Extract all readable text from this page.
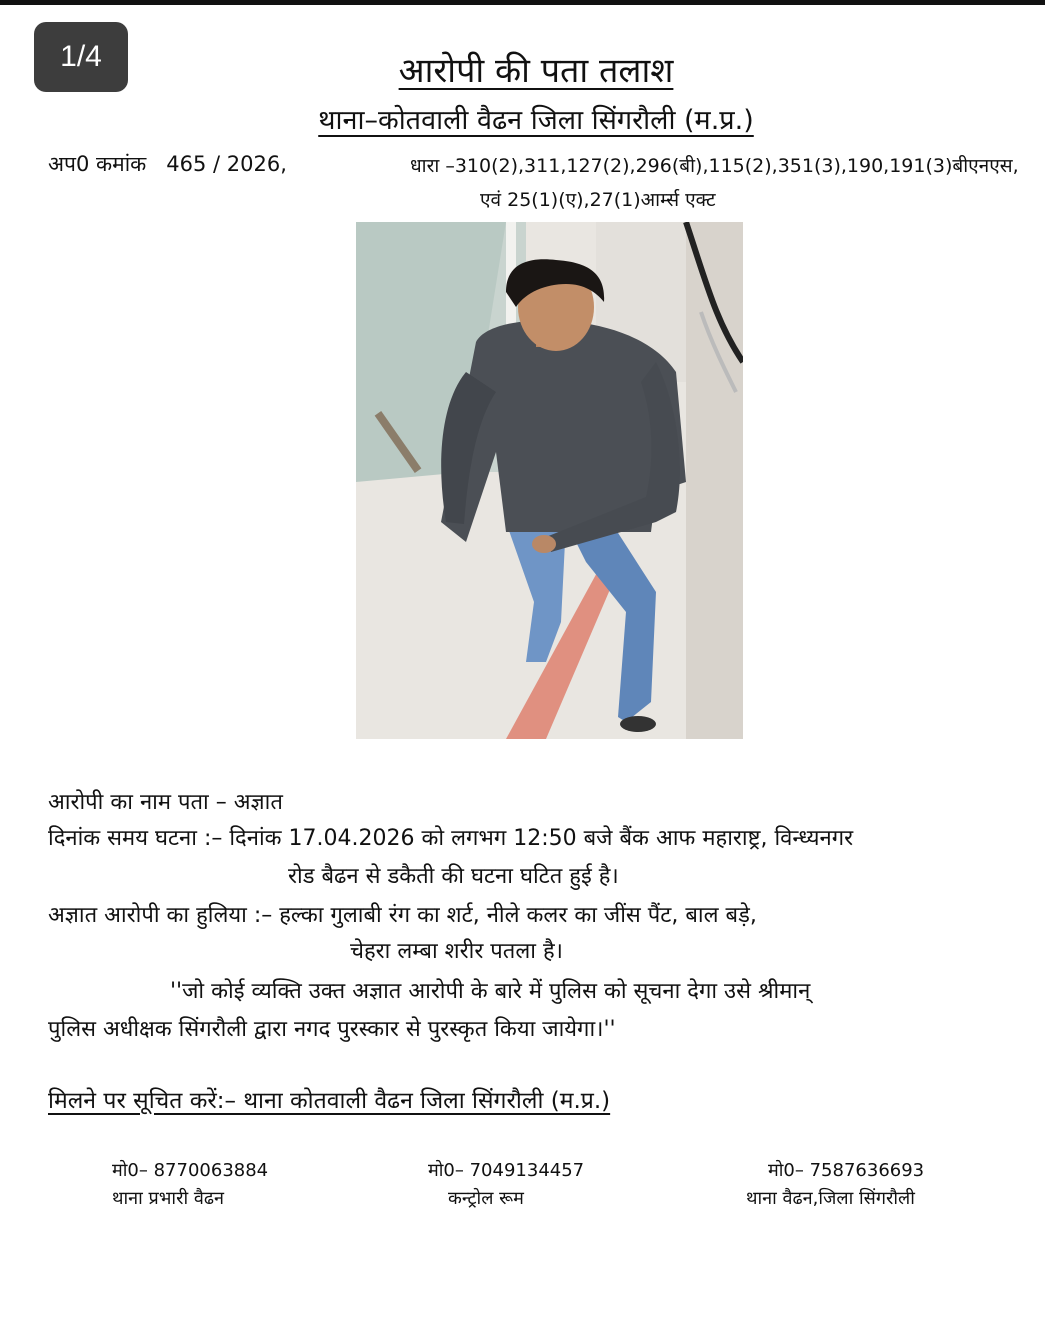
1/4	आरोपी की पता तलाश
थाना–कोतवाली वैढन जिला सिंगरौली (म.प्र.)
अप0 कमांक   465 / 2026,	धारा –310(2),311,127(2),296(बी),115(2),351(3),190,191(3)बीएनएस,
एवं 25(1)(ए),27(1)आर्म्स एक्ट
आरोपी का नाम पता – अज्ञात
दिनांक समय घटना :– दिनांक 17.04.2026 को लगभग 12:50 बजे बैंक आफ महाराष्ट्र, विन्ध्यनगर
रोड बैढन से डकैती की घटना घटित हुई है।
अज्ञात आरोपी का हुलिया :– हल्का गुलाबी रंग का शर्ट, नीले कलर का जींस पैंट, बाल बड़े,
चेहरा लम्बा शरीर पतला है।
''जो कोई व्यक्ति उक्त अज्ञात आरोपी के बारे में पुलिस को सूचना देगा उसे श्रीमान्
पुलिस अधीक्षक सिंगरौली द्वारा नगद पुरस्कार से पुरस्कृत किया जायेगा।''
मिलने पर सूचित करें:– थाना कोतवाली वैढन जिला सिंगरौली (म.प्र.)
मो0– 8770063884
थाना प्रभारी वैढन
मो0– 7049134457
कन्ट्रोल रूम
मो0– 7587636693
थाना वैढन,जिला सिंगरौली
